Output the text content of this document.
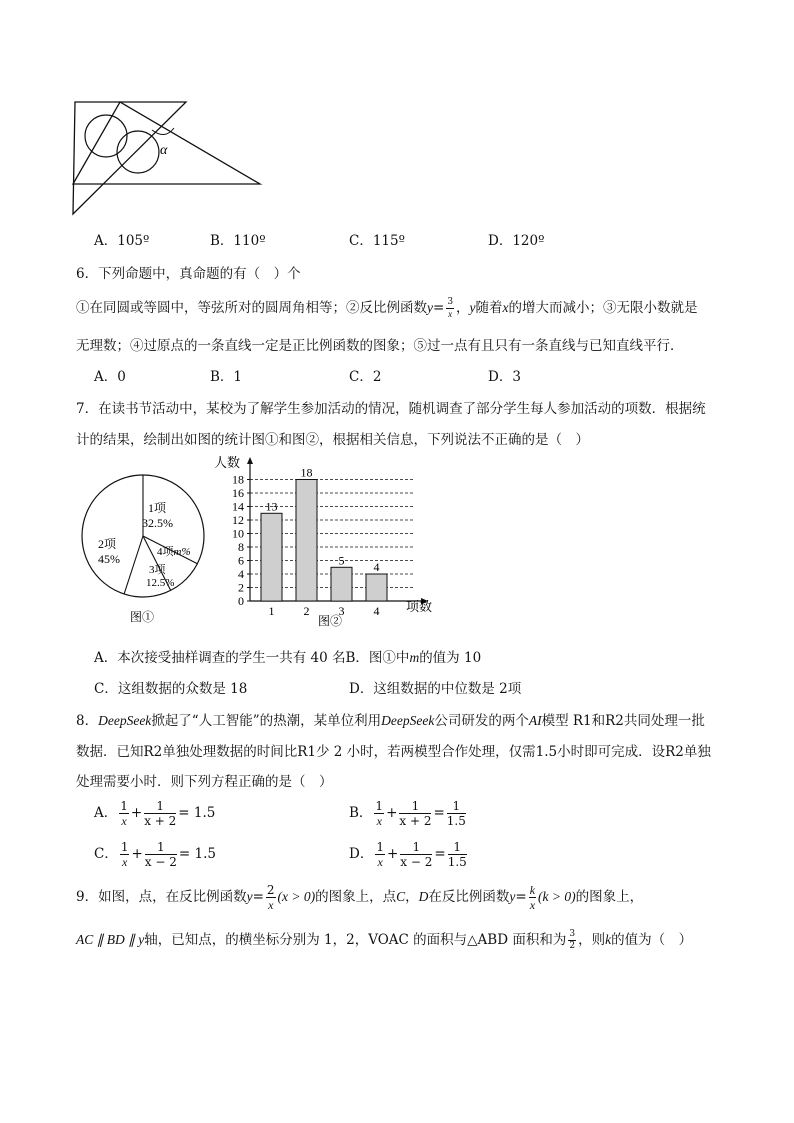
α
A．105º	B．110º	C．115º	D．120º
6．下列命题中，真命题的有（　）个
①在同圆或等圆中，等弦所对的圆周角相等；②反比例函数$y= \frac{3}{x}$ ，y随着x的增大而减小；③无限小数就是
无理数；④过原点的一条直线一定是正比例函数的图象；⑤过一点有且只有一条直线与已知直线平行．
A．0	B．1	C．2	D．3
7．在读书节活动中，某校为了解学生参加活动的情况，随机调查了部分学生每人参加活动的项数．根据统
计的结果，绘制出如图的统计图①和图②，根据相关信息，下列说法不正确的是（　）
1项
32.5%
2项
45%	4项m%
3项
12.5%
图①
0
2
4
6
8
10
12
14
16
18
13
1
18
2
5
3
4
4
人数
项数
图②
A．本次接受抽样调查的学生一共有 40 名B．图①中m的值为 10
C．这组数据的众数是 18	D．这组数据的中位数是 2项
8．DeepSeek掀起了“人工智能”的热潮，某单位利用DeepSeek公司研发的两个AI模型 R1和R2共同处理一批
数据．已知R2单独处理数据的时间比R1少 2 小时，若两模型合作处理，仅需1.5小时即可完成．设R2单独
处理需要小时．则下列方程正确的是（　）
A． $\frac{1}{x} + \frac{1}{x + 2} = 1.5$	B． $\frac{1}{x} + \frac{1}{x + 2} = \frac{1}{1.5}$
C． $\frac{1}{x} + \frac{1}{x - 2} = 1.5$	D． $\frac{1}{x} + \frac{1}{x - 2} = \frac{1}{1.5}$
9．如图，点，在反比例函数$y= \frac{2}{x} (x > 0)$的图象上，点C，D在反比例函数$y= \frac{k}{x} (k > 0)$的图象上，
AC ∥ BD ∥ y轴，已知点，的横坐标分别为 1，2，VOAC 的面积与△ABD 面积和为 $\frac{3}{2}$ ，则k的值为（　）
